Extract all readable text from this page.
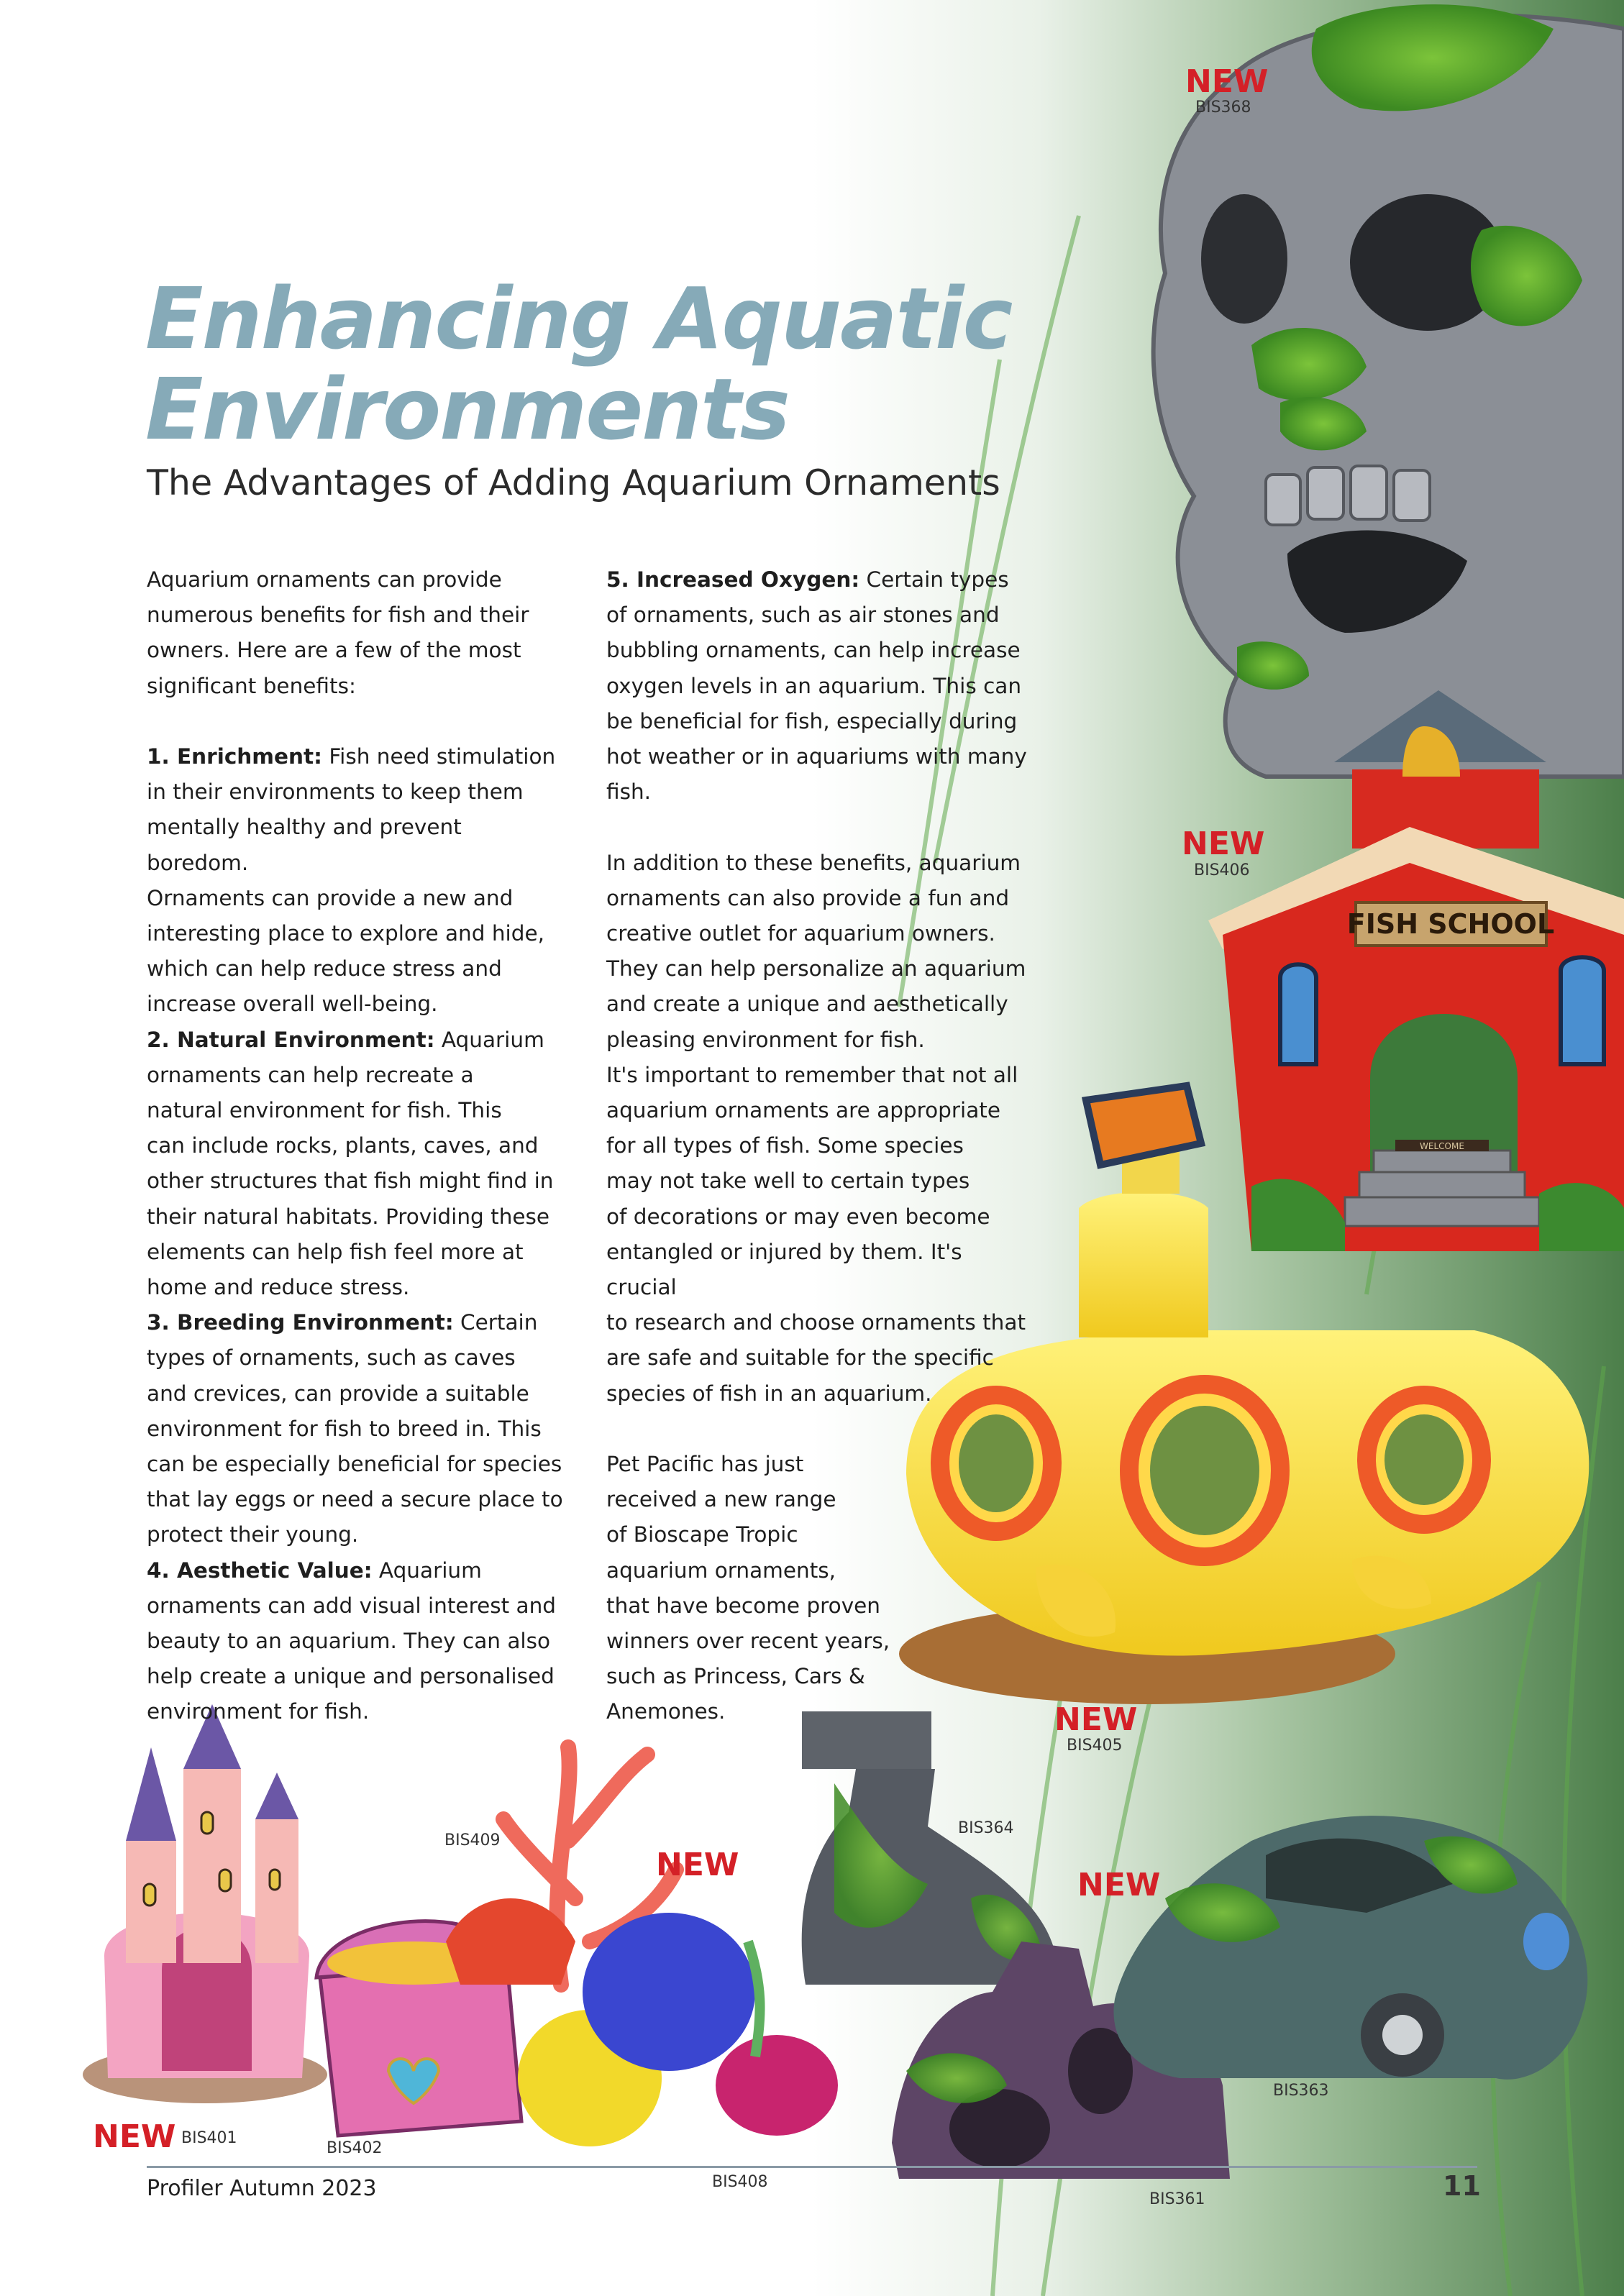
FISH SCHOOL
WELCOME
Enhancing Aquatic
Environments
The Advantages of Adding Aquarium Ornaments

Aquarium ornaments can provide
numerous benefits for fish and their
owners. Here are a few of the most
significant benefits:

1. Enrichment: Fish need stimulation
in their environments to keep them
mentally healthy and prevent boredom.
Ornaments can provide a new and
interesting place to explore and hide,
which can help reduce stress and
increase overall well-being.

2. Natural Environment: Aquarium
ornaments can help recreate a
natural environment for fish. This
can include rocks, plants, caves, and
other structures that fish might find in
their natural habitats. Providing these
elements can help fish feel more at
home and reduce stress.

3. Breeding Environment: Certain
types of ornaments, such as caves
and crevices, can provide a suitable
environment for fish to breed in. This
can be especially beneficial for species
that lay eggs or need a secure place to
protect their young.

4. Aesthetic Value: Aquarium
ornaments can add visual interest and
beauty to an aquarium. They can also
help create a unique and personalised
environment for fish.

5. Increased Oxygen: Certain types
of ornaments, such as air stones and
bubbling ornaments, can help increase
oxygen levels in an aquarium. This can
be beneficial for fish, especially during
hot weather or in aquariums with many
fish.

In addition to these benefits, aquarium
ornaments can also provide a fun and
creative outlet for aquarium owners.
They can help personalize an aquarium
and create a unique and aesthetically
pleasing environment for fish.
It's important to remember that not all
aquarium ornaments are appropriate
for all types of fish. Some species
may not take well to certain types
of decorations or may even become
entangled or injured by them. It's crucial
to research and choose ornaments that
are safe and suitable for the specific
species of fish in an aquarium.

Pet Pacific has just
received a new range
of Bioscape Tropic
aquarium ornaments,
that have become proven
winners over recent years,
such as Princess, Cars &
Anemones.

NEW
BIS368
NEW
BIS406
NEW
BIS405
NEW BIS401
BIS402
BIS409
NEW
BIS408
BIS364
NEW
BIS363
BIS361
Profiler Autumn 2023	11
